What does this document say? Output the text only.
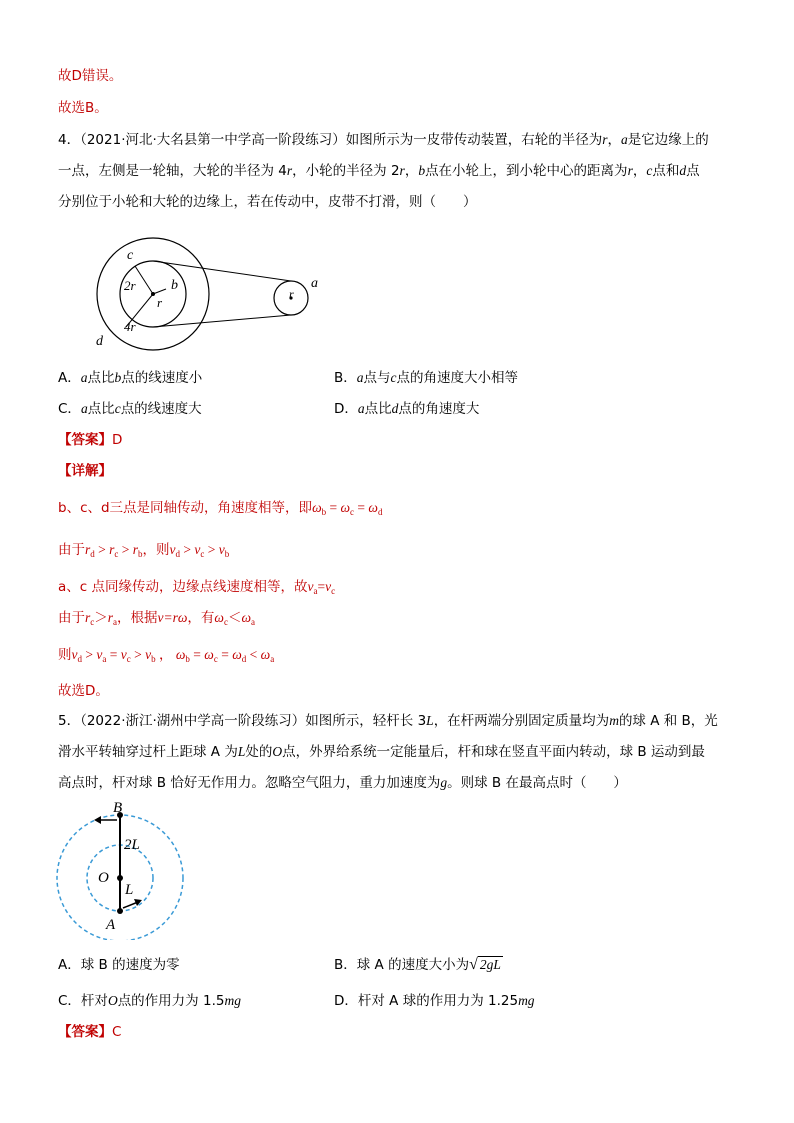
故D错误。
故选B。
4．（2021·河北·大名县第一中学高一阶段练习）如图所示为一皮带传动装置，右轮的半径为r，a是它边缘上的
一点，左侧是一轮轴，大轮的半径为 4r，小轮的半径为 2r，b点在小轮上，到小轮中心的距离为r，c点和d点
分别位于小轮和大轮的边缘上，若在传动中，皮带不打滑，则（　　）
c
2r	b
r
4r
d
r
a
A．a点比b点的线速度小	B．a点与c点的角速度大小相等
C．a点比c点的线速度大	D．a点比d点的角速度大
【答案】D
【详解】
b、c、d三点是同轴传动，角速度相等，即$\omega_b = \omega_c = \omega_d$
由于$r_d > r_c > r_b$，则$v_d > v_c > v_b$
a、c 点同缘传动，边缘点线速度相等，故$v_a=v_c$
由于$r_c>r_a$，根据v=rω，有$\omega_c<\omega_a$
则$v_d > v_a = v_c > v_b$ ， $\omega_b = \omega_c = \omega_d < \omega_a$
故选D。
5．（2022·浙江·湖州中学高一阶段练习）如图所示，轻杆长 3L，在杆两端分别固定质量均为m的球 A 和 B，光
滑水平转轴穿过杆上距球 A 为L处的O点，外界给系统一定能量后，杆和球在竖直平面内转动，球 B 运动到最
高点时，杆对球 B 恰好无作用力。忽略空气阻力，重力加速度为g。则球 B 在最高点时（　　）
B
2L
O
L
A
A．球 B 的速度为零	B．球 A 的速度大小为√ 2gL
C．杆对O点的作用力为 1.5mg	D．杆对 A 球的作用力为 1.25mg
【答案】C
